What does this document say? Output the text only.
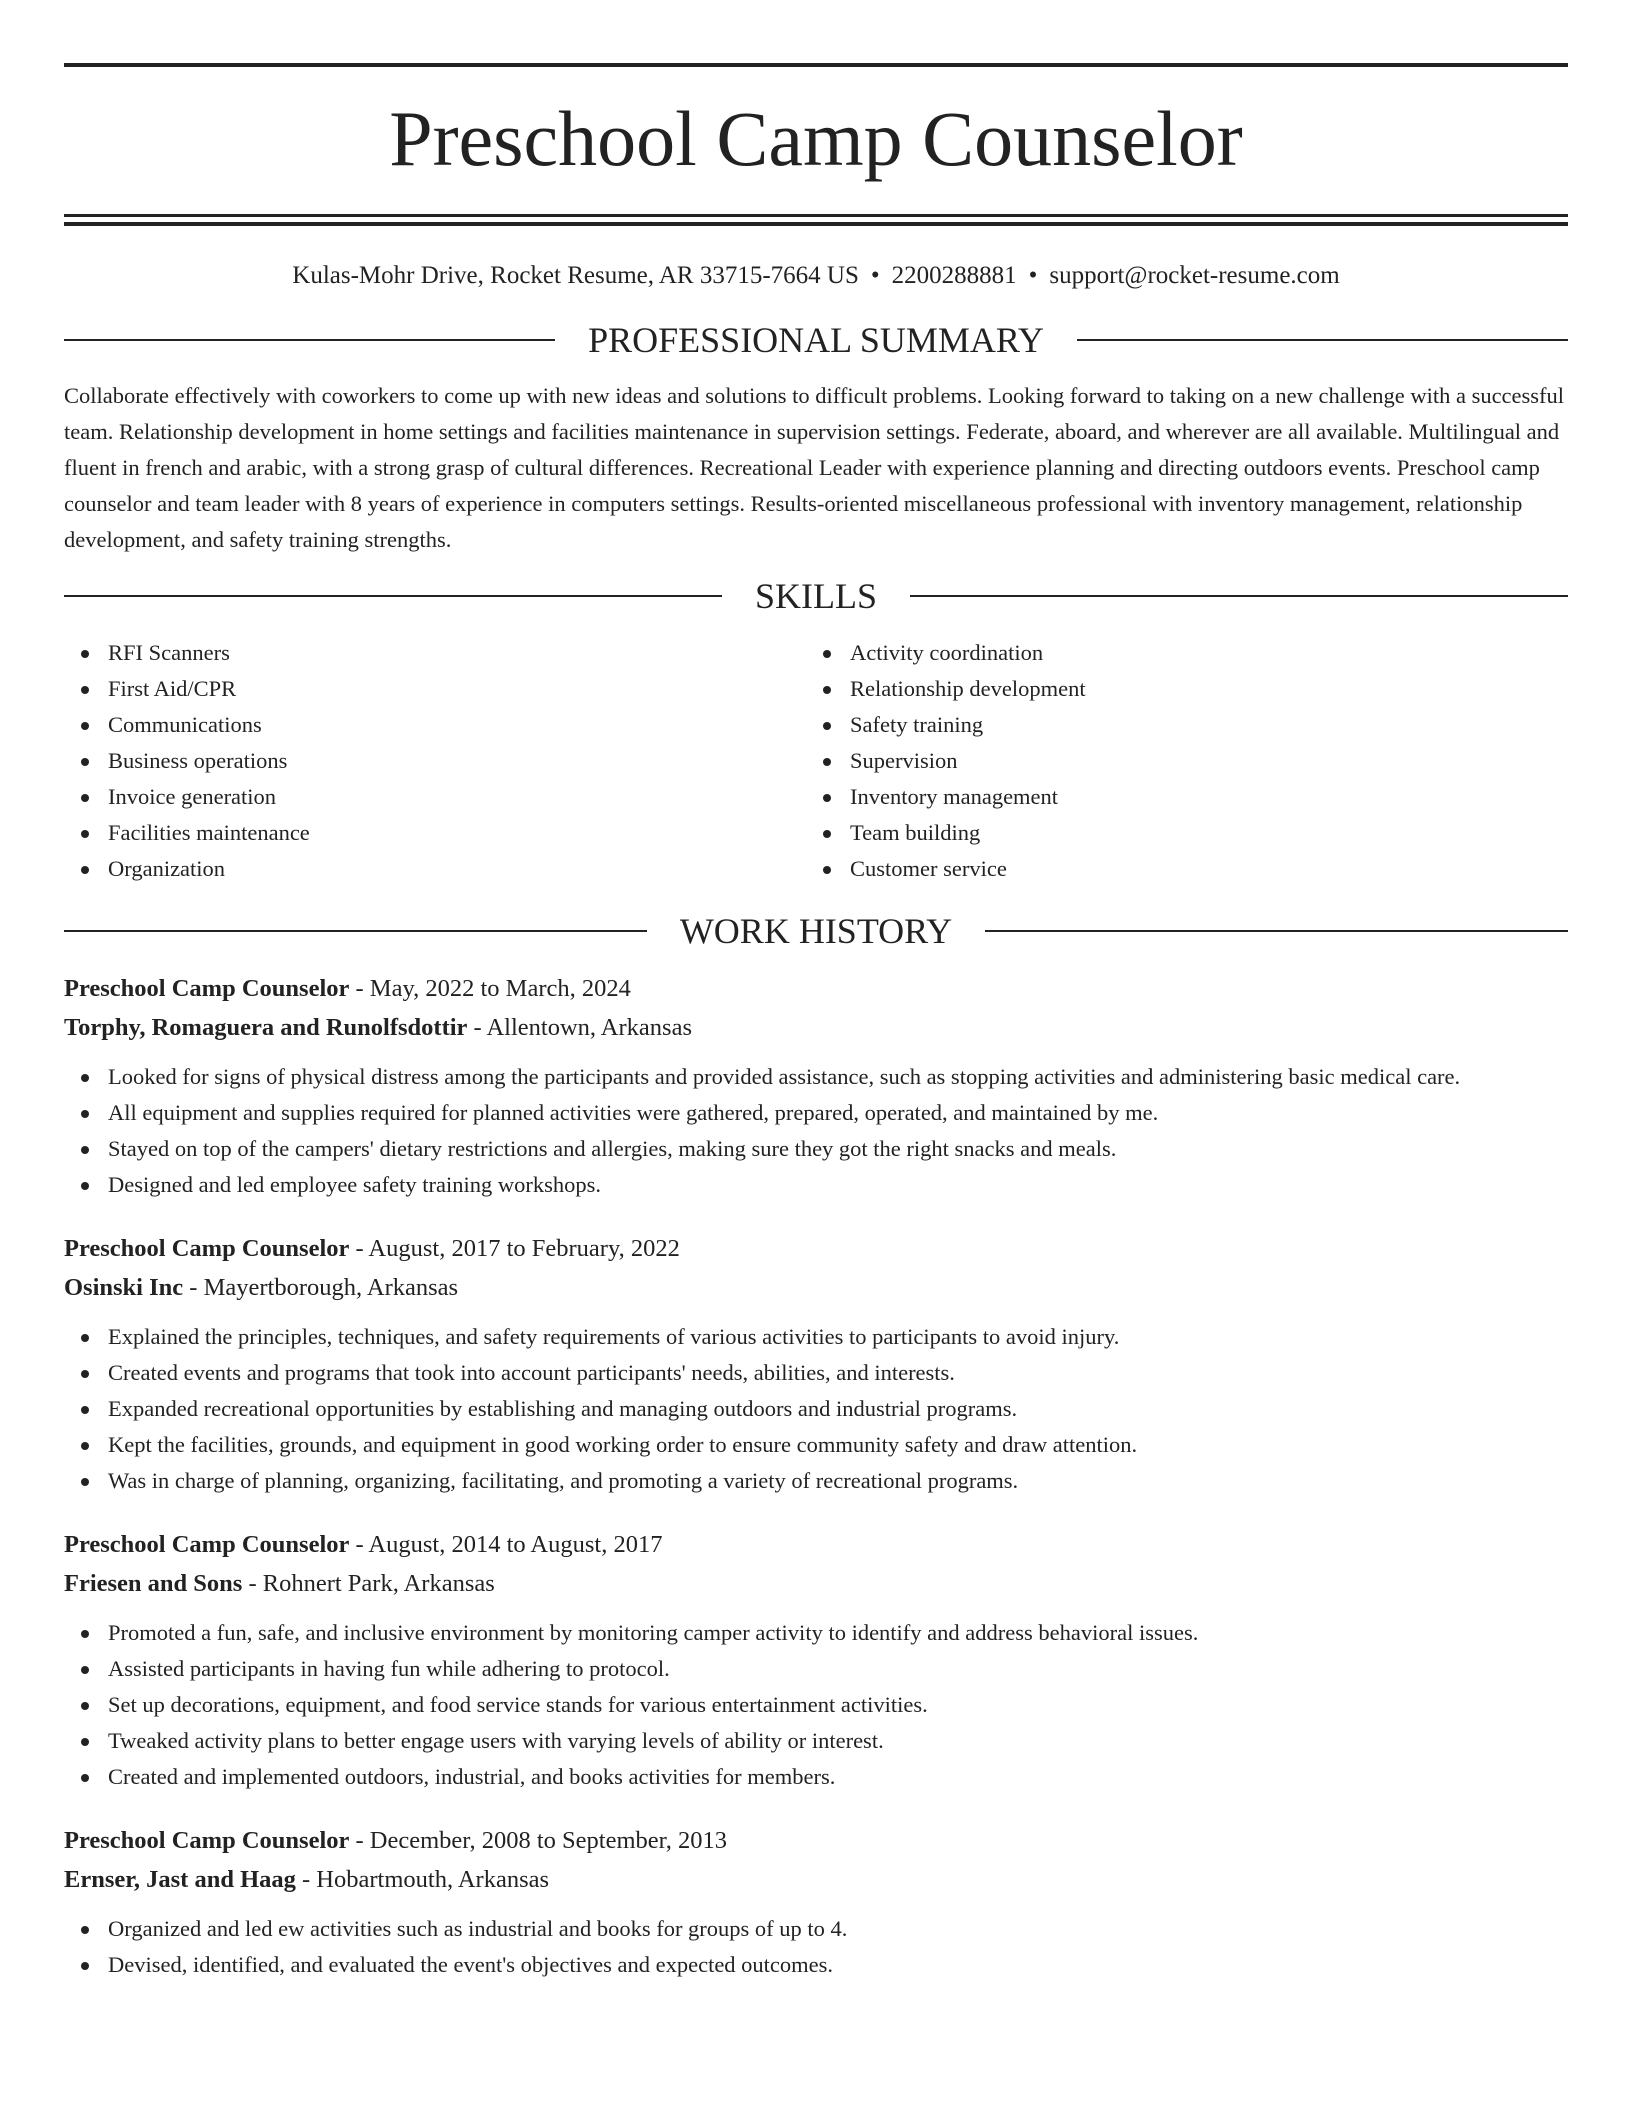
Preschool Camp Counselor
Kulas-Mohr Drive, Rocket Resume, AR 33715-7664 US • 2200288881 • support@rocket-resume.com
PROFESSIONAL SUMMARY
Collaborate effectively with coworkers to come up with new ideas and solutions to difficult problems. Looking forward to taking on a new challenge with a successful team. Relationship development in home settings and facilities maintenance in supervision settings. Federate, aboard, and wherever are all available. Multilingual and fluent in french and arabic, with a strong grasp of cultural differences. Recreational Leader with experience planning and directing outdoors events. Preschool camp counselor and team leader with 8 years of experience in computers settings. Results-oriented miscellaneous professional with inventory management, relationship development, and safety training strengths.
SKILLS
RFI Scanners
First Aid/CPR
Communications
Business operations
Invoice generation
Facilities maintenance
Organization
Activity coordination
Relationship development
Safety training
Supervision
Inventory management
Team building
Customer service
WORK HISTORY
Preschool Camp Counselor - May, 2022 to March, 2024
Torphy, Romaguera and Runolfsdottir - Allentown, Arkansas
Looked for signs of physical distress among the participants and provided assistance, such as stopping activities and administering basic medical care.
All equipment and supplies required for planned activities were gathered, prepared, operated, and maintained by me.
Stayed on top of the campers' dietary restrictions and allergies, making sure they got the right snacks and meals.
Designed and led employee safety training workshops.
Preschool Camp Counselor - August, 2017 to February, 2022
Osinski Inc - Mayertborough, Arkansas
Explained the principles, techniques, and safety requirements of various activities to participants to avoid injury.
Created events and programs that took into account participants' needs, abilities, and interests.
Expanded recreational opportunities by establishing and managing outdoors and industrial programs.
Kept the facilities, grounds, and equipment in good working order to ensure community safety and draw attention.
Was in charge of planning, organizing, facilitating, and promoting a variety of recreational programs.
Preschool Camp Counselor - August, 2014 to August, 2017
Friesen and Sons - Rohnert Park, Arkansas
Promoted a fun, safe, and inclusive environment by monitoring camper activity to identify and address behavioral issues.
Assisted participants in having fun while adhering to protocol.
Set up decorations, equipment, and food service stands for various entertainment activities.
Tweaked activity plans to better engage users with varying levels of ability or interest.
Created and implemented outdoors, industrial, and books activities for members.
Preschool Camp Counselor - December, 2008 to September, 2013
Ernser, Jast and Haag - Hobartmouth, Arkansas
Organized and led ew activities such as industrial and books for groups of up to 4.
Devised, identified, and evaluated the event's objectives and expected outcomes.
